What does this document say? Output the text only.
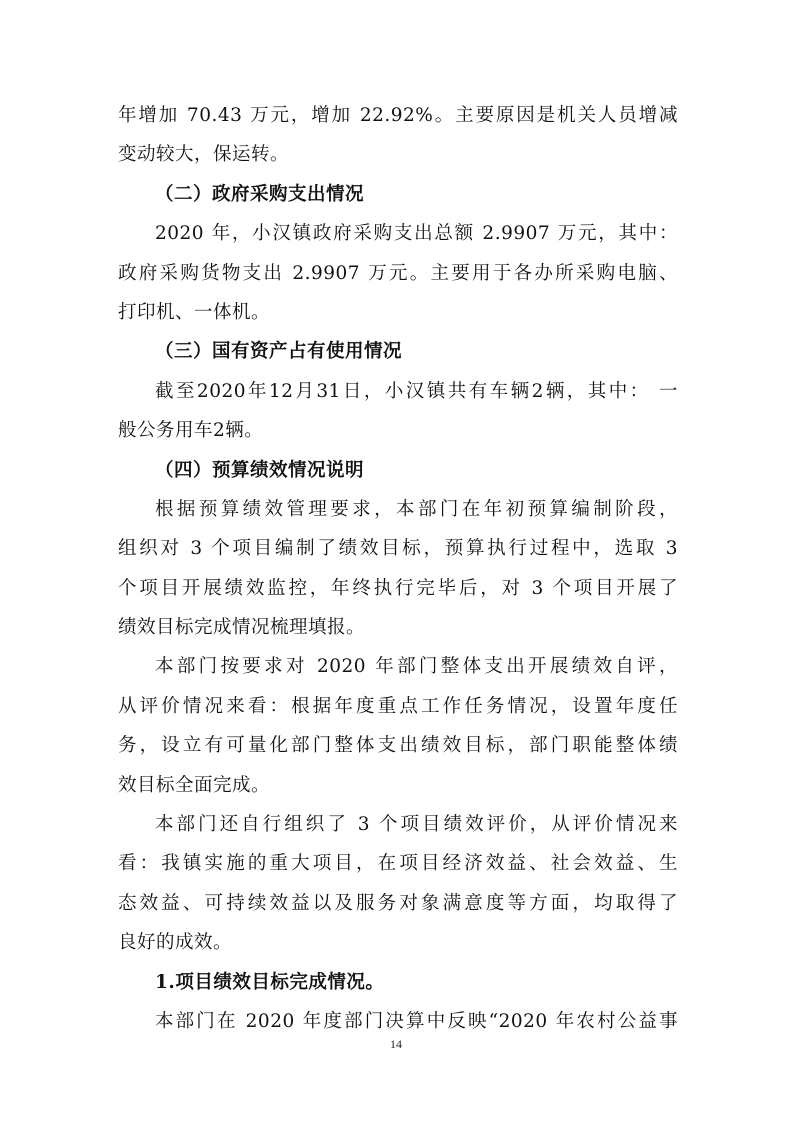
年增加 70.43 万元，增加 22.92%。主要原因是机关人员增减
变动较大，保运转。
（二）政府采购支出情况
2020 年，小汉镇政府采购支出总额 2.9907 万元，其中：
政府采购货物支出 2.9907 万元。主要用于各办所采购电脑、
打印机、一体机。
（三）国有资产占有使用情况
截至2020年12月31日，小汉镇共有车辆2辆，其中： 一
般公务用车2辆。
（四）预算绩效情况说明
根据预算绩效管理要求，本部门在年初预算编制阶段，
组织对 3 个项目编制了绩效目标，预算执行过程中，选取 3
个项目开展绩效监控，年终执行完毕后，对 3 个项目开展了
绩效目标完成情况梳理填报。
本部门按要求对 2020 年部门整体支出开展绩效自评，
从评价情况来看：根据年度重点工作任务情况，设置年度任
务，设立有可量化部门整体支出绩效目标，部门职能整体绩
效目标全面完成。
本部门还自行组织了 3 个项目绩效评价，从评价情况来
看：我镇实施的重大项目，在项目经济效益、社会效益、生
态效益、可持续效益以及服务对象满意度等方面，均取得了
良好的成效。
1.项目绩效目标完成情况。
本部门在 2020 年度部门决算中反映“2020 年农村公益事
14
